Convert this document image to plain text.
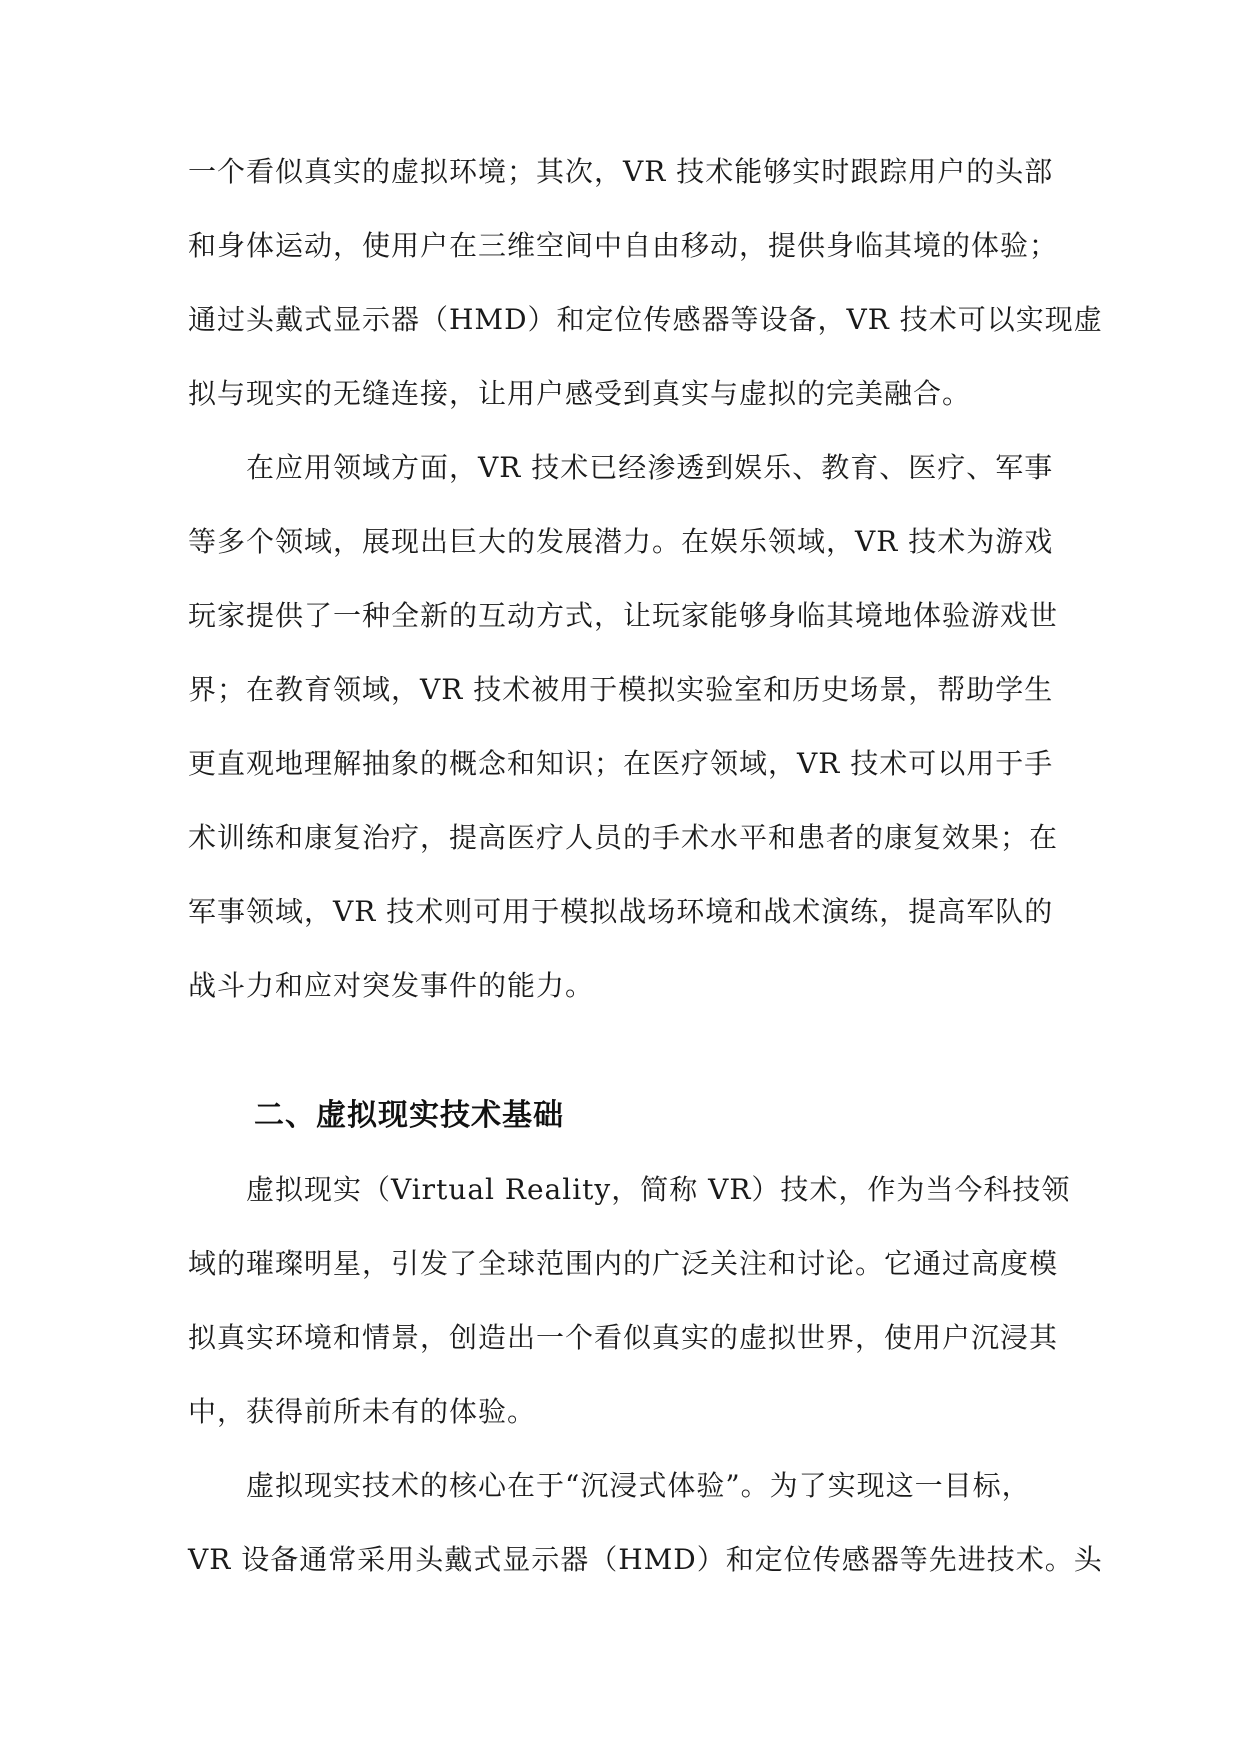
一个看似真实的虚拟环境；其次，VR 技术能够实时跟踪用户的头部
和身体运动，使用户在三维空间中自由移动，提供身临其境的体验；
通过头戴式显示器（HMD）和定位传感器等设备，VR 技术可以实现虚
拟与现实的无缝连接，让用户感受到真实与虚拟的完美融合。
在应用领域方面，VR 技术已经渗透到娱乐、教育、医疗、军事
等多个领域，展现出巨大的发展潜力。在娱乐领域，VR 技术为游戏
玩家提供了一种全新的互动方式，让玩家能够身临其境地体验游戏世
界；在教育领域，VR 技术被用于模拟实验室和历史场景，帮助学生
更直观地理解抽象的概念和知识；在医疗领域，VR 技术可以用于手
术训练和康复治疗，提高医疗人员的手术水平和患者的康复效果；在
军事领域，VR 技术则可用于模拟战场环境和战术演练，提高军队的
战斗力和应对突发事件的能力。
二、虚拟现实技术基础
虚拟现实（Virtual Reality，简称 VR）技术，作为当今科技领
域的璀璨明星，引发了全球范围内的广泛关注和讨论。它通过高度模
拟真实环境和情景，创造出一个看似真实的虚拟世界，使用户沉浸其
中，获得前所未有的体验。
虚拟现实技术的核心在于“沉浸式体验”。为了实现这一目标，
VR 设备通常采用头戴式显示器（HMD）和定位传感器等先进技术。头
